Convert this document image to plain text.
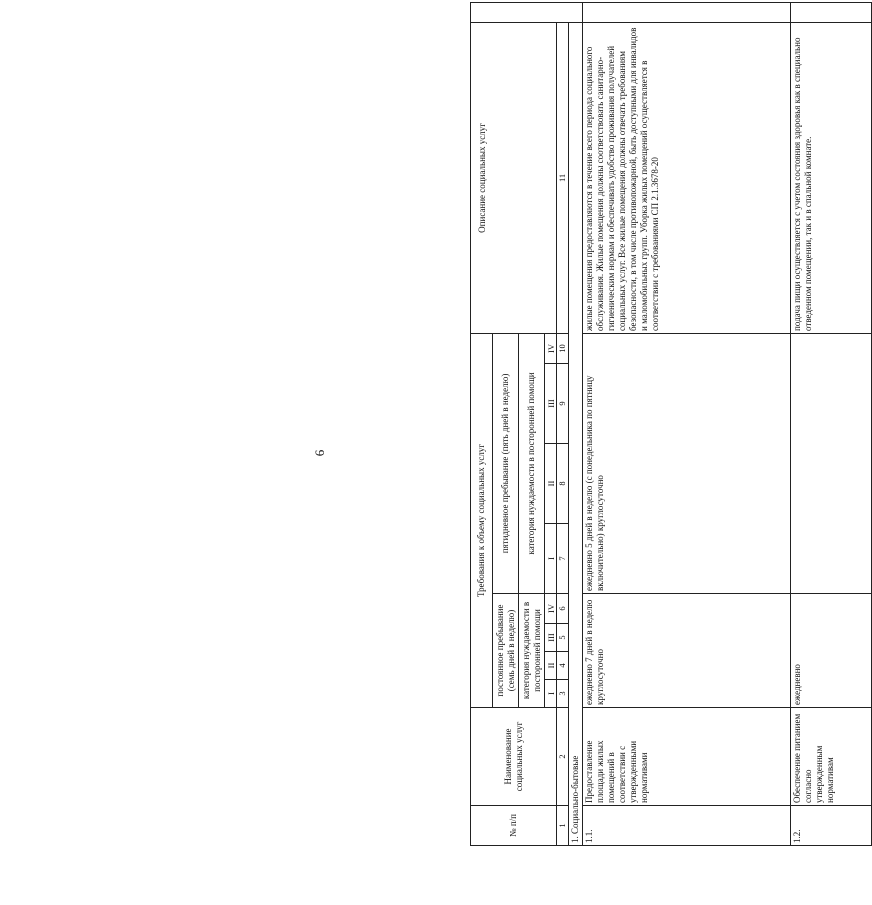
6
№ п/п	Наименование социальных услуг	Требования к объему социальных услуг								Описание социальных услуг	
		постоянное пребывание (семь дней в неделю)				пятидневное пребывание (пять дней в неделю)					
		категория нуждаемости в посторонней помощи				категория нуждаемости в посторонней помощи					
		I	II	III	IV	I	II	III	IV		
1	2	3	4	5	6	7	8	9	10	11	
1. Социально-бытовые											
1.1.	Предоставление площади жилых помещений в соответствии с утвержденными нормативами	ежедневно 7 дней в неделю круглосуточно				ежедневно 5 дней в неделю (с понедельника по пятницу включительно) круглосуточно				жилые помещения предоставляются в течение всего периода социального обслуживания. Жилые помещения должны соответствовать санитарно-гигиеническим нормам и обеспечивать удобство проживания получателей социальных услуг. Все жилые помещения должны отвечать требованиям безопасности, в том числе противопожарной, быть доступными для инвалидов и маломобильных групп. Уборка жилых помещений осуществляется в соответствии с требованиями СП 2.1.3678-20	
1.2.	Обеспечение питанием согласно утвержденным нормативам	ежедневно								подача пищи осуществляется с учетом состояния здоровья как в специально отведенном помещении, так и в спальной комнате.	
